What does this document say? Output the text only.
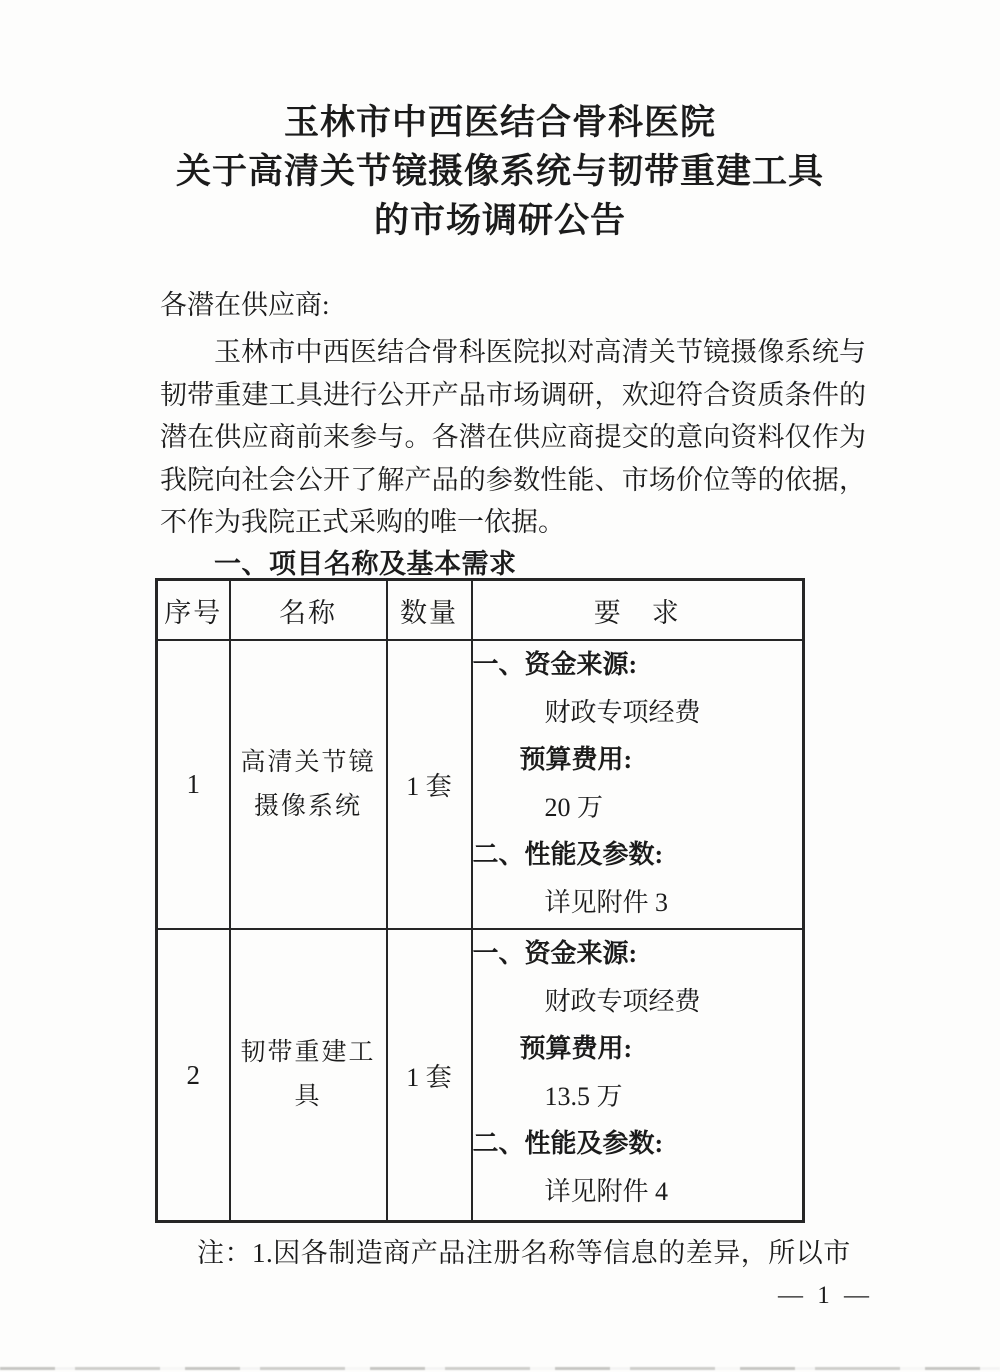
玉林市中西医结合骨科医院
关于高清关节镜摄像系统与韧带重建工具
的市场调研公告
各潜在供应商:
玉林市中西医结合骨科医院拟对高清关节镜摄像系统与韧带重建工具进行公开产品市场调研，欢迎符合资质条件的潜在供应商前来参与。各潜在供应商提交的意向资料仅作为我院向社会公开了解产品的参数性能、市场价位等的依据，不作为我院正式采购的唯一依据。
一、项目名称及基本需求
序号	名称	数量	要　求
1	高清关节镜摄像系统	1 套	
一、资金来源:
财政专项经费
预算费用:
20 万
二、性能及参数:
详见附件 3

2	韧带重建工具	1 套	
一、资金来源:
财政专项经费
预算费用:
13.5 万
二、性能及参数:
详见附件 4
注：1.因各制造商产品注册名称等信息的差异，所以市
— 1 —
